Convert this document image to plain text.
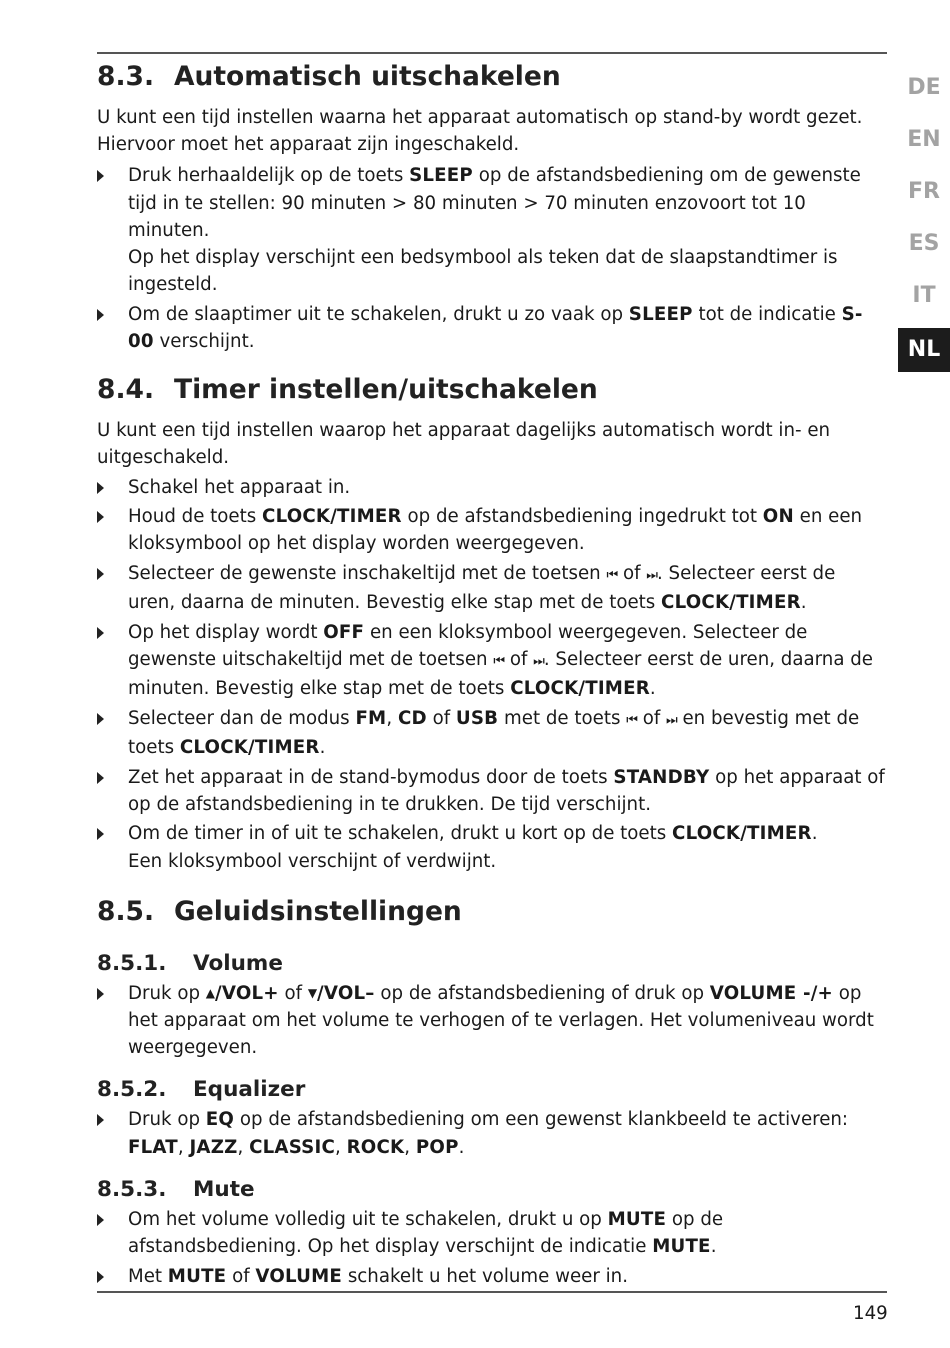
8.3. Automatisch uitschakelen

U kunt een tijd instellen waarna het apparaat automatisch op stand-by wordt gezet. Hiervoor moet het apparaat zijn ingeschakeld.

Druk herhaaldelijk op de toets SLEEP op de afstandsbediening om de gewenste tijd in te stellen: 90 minuten > 80 minuten > 70 minuten enzovoort tot 10 minuten.
Op het display verschijnt een bedsymbool als teken dat de slaapstandtimer is ingesteld.
Om de slaaptimer uit te schakelen, drukt u zo vaak op SLEEP tot de indicatie S-00 verschijnt.
8.4. Timer instellen/uitschakelen

U kunt een tijd instellen waarop het apparaat dagelijks automatisch wordt in- en uitgeschakeld.

Schakel het apparaat in.
Houd de toets CLOCK/TIMER op de afstandsbediening ingedrukt tot ON en een kloksymbool op het display worden weergegeven.
Selecteer de gewenste inschakeltijd met de toetsen ⏮ of ⏭. Selecteer eerst de uren, daarna de minuten. Bevestig elke stap met de toets CLOCK/TIMER.
Op het display wordt OFF en een kloksymbool weergegeven. Selecteer de gewenste uitschakeltijd met de toetsen ⏮ of ⏭. Selecteer eerst de uren, daarna de minuten. Bevestig elke stap met de toets CLOCK/TIMER.
Selecteer dan de modus FM, CD of USB met de toets ⏮ of ⏭ en bevestig met de toets CLOCK/TIMER.
Zet het apparaat in de stand-bymodus door de toets STANDBY op het apparaat of op de afstandsbediening in te drukken. De tijd verschijnt.
Om de timer in of uit te schakelen, drukt u kort op de toets CLOCK/TIMER.
Een kloksymbool verschijnt of verdwijnt.
8.5. Geluidsinstellingen
8.5.1. Volume
Druk op ▲/VOL+ of ▼/VOL– op de afstandsbediening of druk op VOLUME -/+ op het apparaat om het volume te verhogen of te verlagen. Het volumeniveau wordt weergegeven.
8.5.2. Equalizer
Druk op EQ op de afstandsbediening om een gewenst klankbeeld te activeren: FLAT, JAZZ, CLASSIC, ROCK, POP.
8.5.3. Mute
Om het volume volledig uit te schakelen, drukt u op MUTE op de afstandsbediening. Op het display verschijnt de indicatie MUTE.
Met MUTE of VOLUME schakelt u het volume weer in.
DE
EN
FR
ES
IT
NL
149
